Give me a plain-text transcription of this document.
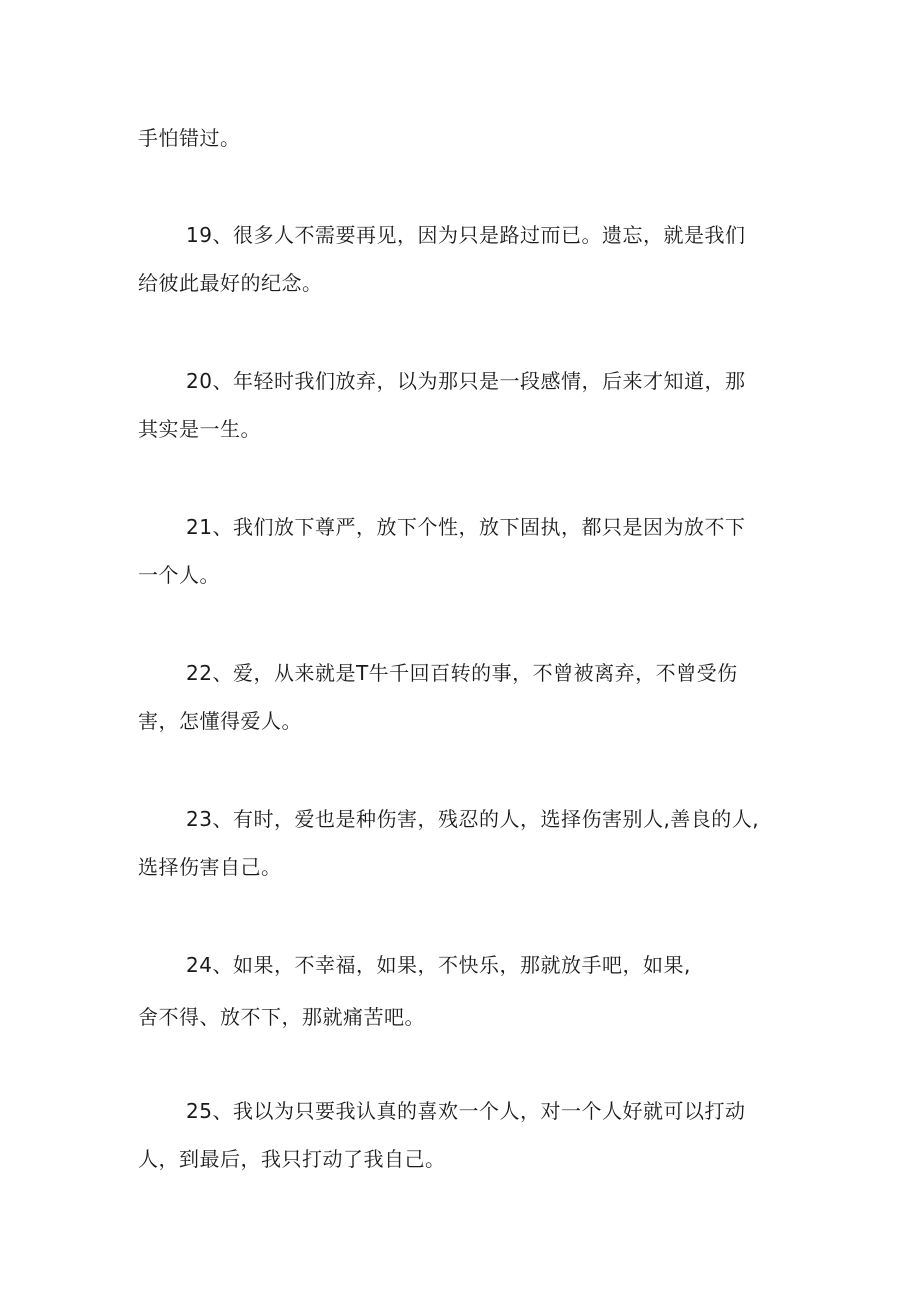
手怕错过。
19、很多人不需要再见，因为只是路过而已。遗忘，就是我们
给彼此最好的纪念。
20、年轻时我们放弃，以为那只是一段感情，后来才知道，那
其实是一生。
21、我们放下尊严，放下个性，放下固执，都只是因为放不下
一个人。
22、爱，从来就是T牛千回百转的事，不曾被离弃，不曾受伤
害，怎懂得爱人。
23、有时，爱也是种伤害，残忍的人，选择伤害别人,善良的人,
选择伤害自己。
24、如果，不幸福，如果，不快乐，那就放手吧，如果,
舍不得、放不下，那就痛苦吧。
25、我以为只要我认真的喜欢一个人，对一个人好就可以打动
人，到最后，我只打动了我自己。
